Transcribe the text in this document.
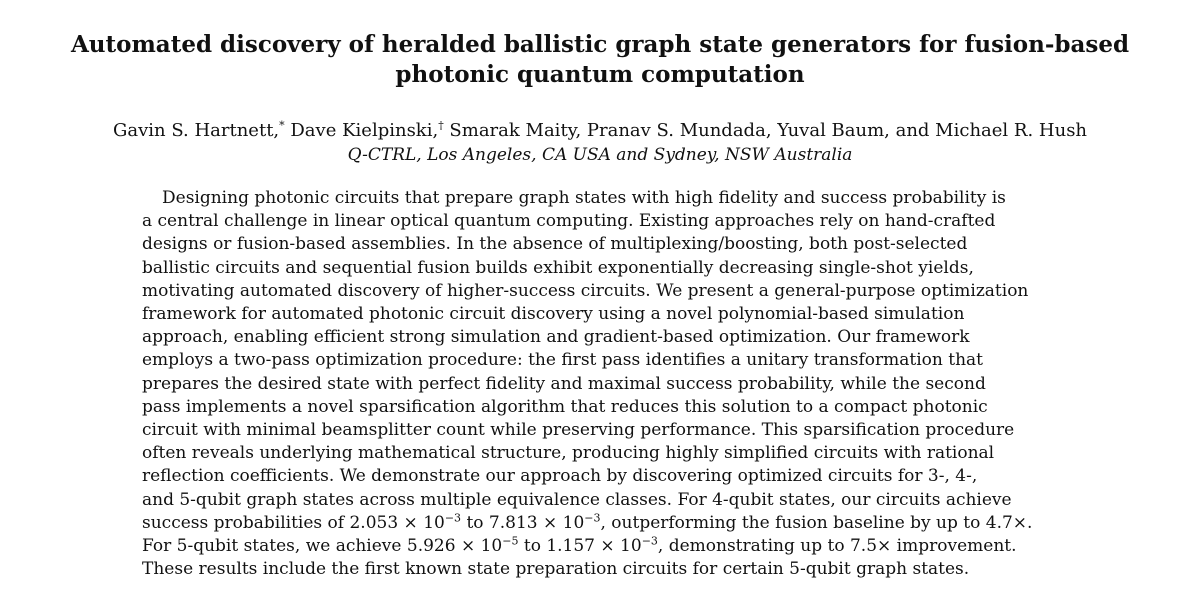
Automated discovery of heralded ballistic graph state generators for fusion-based
photonic quantum computation
Gavin S. Hartnett,* Dave Kielpinski,† Smarak Maity, Pranav S. Mundada, Yuval Baum, and Michael R. Hush
Q-CTRL, Los Angeles, CA USA and Sydney, NSW Australia
Designing photonic circuits that prepare graph states with high fidelity and success probability is
a central challenge in linear optical quantum computing. Existing approaches rely on hand-crafted
designs or fusion-based assemblies. In the absence of multiplexing/boosting, both post-selected
ballistic circuits and sequential fusion builds exhibit exponentially decreasing single-shot yields,
motivating automated discovery of higher-success circuits. We present a general-purpose optimization
framework for automated photonic circuit discovery using a novel polynomial-based simulation
approach, enabling efficient strong simulation and gradient-based optimization. Our framework
employs a two-pass optimization procedure: the first pass identifies a unitary transformation that
prepares the desired state with perfect fidelity and maximal success probability, while the second
pass implements a novel sparsification algorithm that reduces this solution to a compact photonic
circuit with minimal beamsplitter count while preserving performance. This sparsification procedure
often reveals underlying mathematical structure, producing highly simplified circuits with rational
reflection coefficients. We demonstrate our approach by discovering optimized circuits for 3-, 4-,
and 5-qubit graph states across multiple equivalence classes. For 4-qubit states, our circuits achieve
success probabilities of $2.053 \times 10^{-3}$ to $7.813 \times 10^{-3}$, outperforming the fusion baseline by up to 4.7×.
For 5-qubit states, we achieve $5.926 \times 10^{-5}$ to $1.157 \times 10^{-3}$, demonstrating up to 7.5× improvement.
These results include the first known state preparation circuits for certain 5-qubit graph states.
